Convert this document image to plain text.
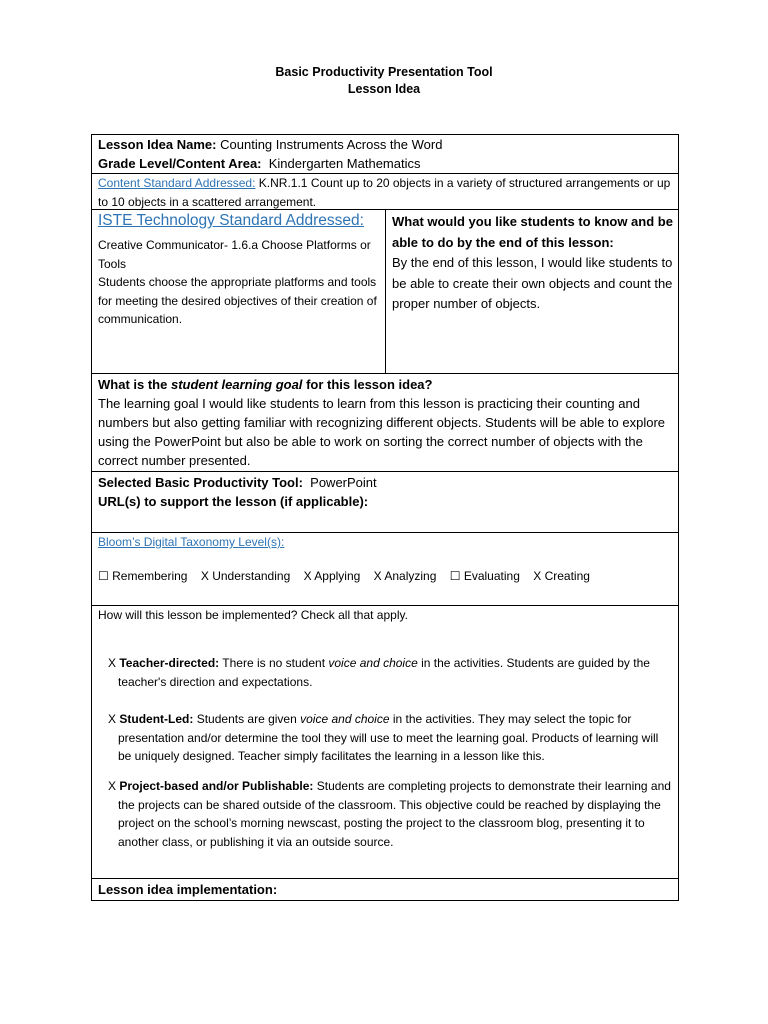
Basic Productivity Presentation Tool
Lesson Idea
Lesson Idea Name: Counting Instruments Across the Word
Grade Level/Content Area: Kindergarten Mathematics
Content Standard Addressed: K.NR.1.1 Count up to 20 objects in a variety of structured arrangements or up to 10 objects in a scattered arrangement.
ISTE Technology Standard Addressed:
Creative Communicator- 1.6.a Choose Platforms or Tools
Students choose the appropriate platforms and tools for meeting the desired objectives of their creation of communication.
What would you like students to know and be able to do by the end of this lesson:
By the end of this lesson, I would like students to be able to create their own objects and count the proper number of objects.
What is the student learning goal for this lesson idea?
The learning goal I would like students to learn from this lesson is practicing their counting and numbers but also getting familiar with recognizing different objects. Students will be able to explore using the PowerPoint but also be able to work on sorting the correct number of objects with the correct number presented.
Selected Basic Productivity Tool: PowerPoint
URL(s) to support the lesson (if applicable):
Bloom’s Digital Taxonomy Level(s):
☐ Remembering X Understanding X Applying X Analyzing ☐ Evaluating X Creating
How will this lesson be implemented? Check all that apply.
X Teacher-directed: There is no student voice and choice in the activities. Students are guided by the teacher's direction and expectations.
X Student-Led: Students are given voice and choice in the activities. They may select the topic for presentation and/or determine the tool they will use to meet the learning goal. Products of learning will be uniquely designed. Teacher simply facilitates the learning in a lesson like this.
X Project-based and/or Publishable: Students are completing projects to demonstrate their learning and the projects can be shared outside of the classroom. This objective could be reached by displaying the project on the school’s morning newscast, posting the project to the classroom blog, presenting it to another class, or publishing it via an outside source.
Lesson idea implementation:
